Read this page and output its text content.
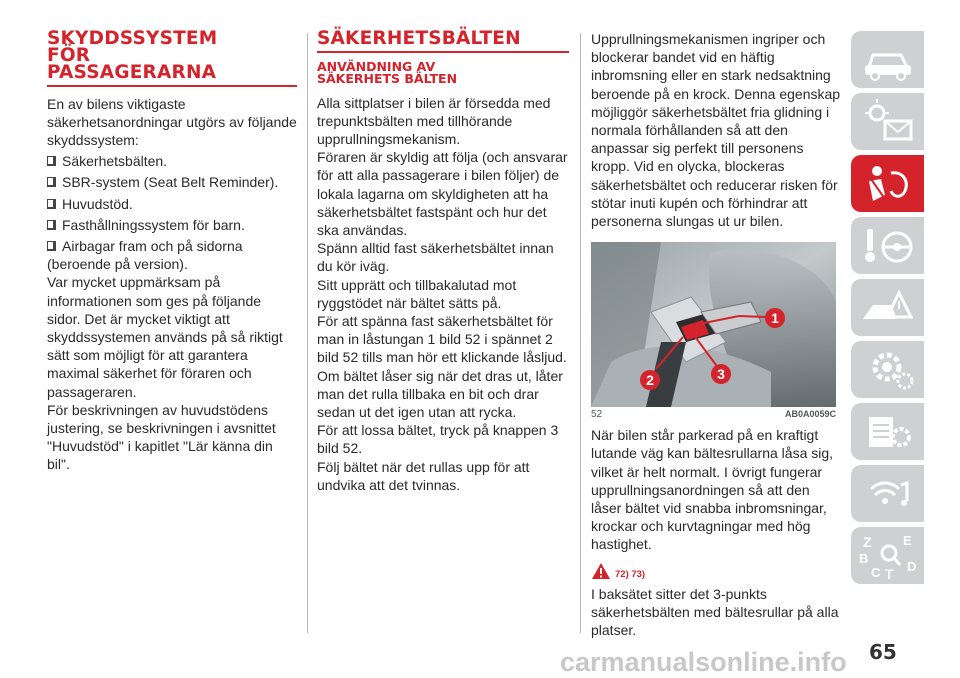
SKYDDSSYSTEM
FÖR
PASSAGERARNA

En av bilens viktigaste säkerhetsanordningar utgörs av följande skyddssystem:

Säkerhetsbälten.

SBR-system (Seat Belt Reminder).

Huvudstöd.

Fasthållningssystem för barn.

Airbagar fram och på sidorna (beroende på version).

Var mycket uppmärksam på informationen som ges på följande sidor. Det är mycket viktigt att skyddssystemen används på så riktigt sätt som möjligt för att garantera maximal säkerhet för föraren och passageraren.

För beskrivningen av huvudstödens justering, se beskrivningen i avsnittet "Huvudstöd" i kapitlet "Lär känna din bil".

SÄKERHETSBÄLTEN
ANVÄNDNING AV
SÄKERHETS BÄLTEN

Alla sittplatser i bilen är försedda med trepunktsbälten med tillhörande upprullningsmekanism.

Föraren är skyldig att följa (och ansvarar för att alla passagerare i bilen följer) de lokala lagarna om skyldigheten att ha säkerhetsbältet fastspänt och hur det ska användas.

Spänn alltid fast säkerhetsbältet innan du kör iväg.

Sitt upprätt och tillbakalutad mot ryggstödet när bältet sätts på.

För att spänna fast säkerhetsbältet för man in låstungan 1 bild 52 i spännet 2 bild 52 tills man hör ett klickande låsljud.

Om bältet låser sig när det dras ut, låter man det rulla tillbaka en bit och drar sedan ut det igen utan att rycka.

För att lossa bältet, tryck på knappen 3 bild 52.

Följ bältet när det rullas upp för att undvika att det tvinnas.

Upprullningsmekanismen ingriper och blockerar bandet vid en häftig inbromsning eller en stark nedsaktning beroende på en krock. Denna egenskap möjliggör säkerhetsbältet fria glidning i normala förhållanden så att den anpassar sig perfekt till personens kropp. Vid en olycka, blockeras säkerhetsbältet och reducerar risken för stötar inuti kupén och förhindrar att personerna slungas ut ur bilen.

1
2	3
52	AB0A0059C

När bilen står parkerad på en kraftigt lutande väg kan bältesrullarna låsa sig, vilket är helt normalt. I övrigt fungerar upprullningsanordningen så att den låser bältet vid snabba inbromsningar, krockar och kurvtagningar med hög hastighet.

72) 73)

I baksätet sitter det 3-punkts säkerhetsbälten med bältesrullar på alla platser.

Z E
B
C T D
65
carmanualsonline.info
